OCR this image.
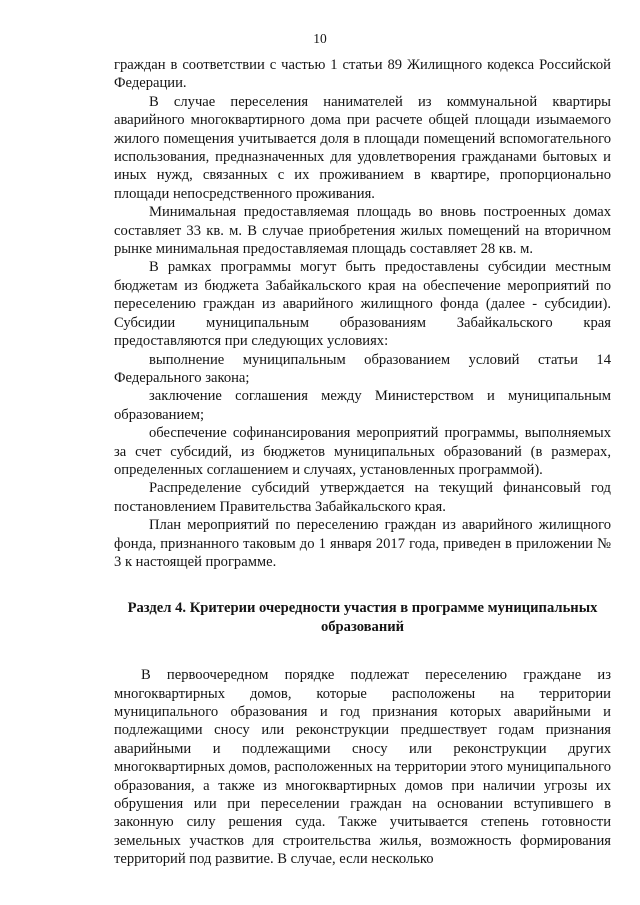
10

граждан в соответствии с частью 1 статьи 89 Жилищного кодекса Российской Федерации.

В случае переселения нанимателей из коммунальной квартиры аварийного многоквартирного дома при расчете общей площади изымаемого жилого помещения учитывается доля в площади помещений вспомогательного использования, предназначенных для удовлетворения гражданами бытовых и иных нужд, связанных с их проживанием в квартире, пропорционально площади непосредственного проживания.

Минимальная предоставляемая площадь во вновь построенных домах составляет 33 кв. м. В случае приобретения жилых помещений на вторичном рынке минимальная предоставляемая площадь составляет 28 кв. м.

В рамках программы могут быть предоставлены субсидии местным бюджетам из бюджета Забайкальского края на обеспечение мероприятий по переселению граждан из аварийного жилищного фонда (далее - субсидии). Субсидии муниципальным образованиям Забайкальского края предоставляются при следующих условиях:

выполнение муниципальным образованием условий статьи 14 Федерального закона;

заключение соглашения между Министерством и муниципальным образованием;

обеспечение софинансирования мероприятий программы, выполняемых за счет субсидий, из бюджетов муниципальных образований (в размерах, определенных соглашением и случаях, установленных программой).

Распределение субсидий утверждается на текущий финансовый год постановлением Правительства Забайкальского края.

План мероприятий по переселению граждан из аварийного жилищного фонда, признанного таковым до 1 января 2017 года, приведен в приложении № 3 к настоящей программе.

Раздел 4. Критерии очередности участия в программе муниципальных образований

В первоочередном порядке подлежат переселению граждане из многоквартирных домов, которые расположены на территории муниципального образования и год признания которых аварийными и подлежащими сносу или реконструкции предшествует годам признания аварийными и подлежащими сносу или реконструкции других многоквартирных домов, расположенных на территории этого муниципального образования, а также из многоквартирных домов при наличии угрозы их обрушения или при переселении граждан на основании вступившего в законную силу решения суда. Также учитывается степень готовности земельных участков для строительства жилья, возможность формирования территорий под развитие. В случае, если несколько
